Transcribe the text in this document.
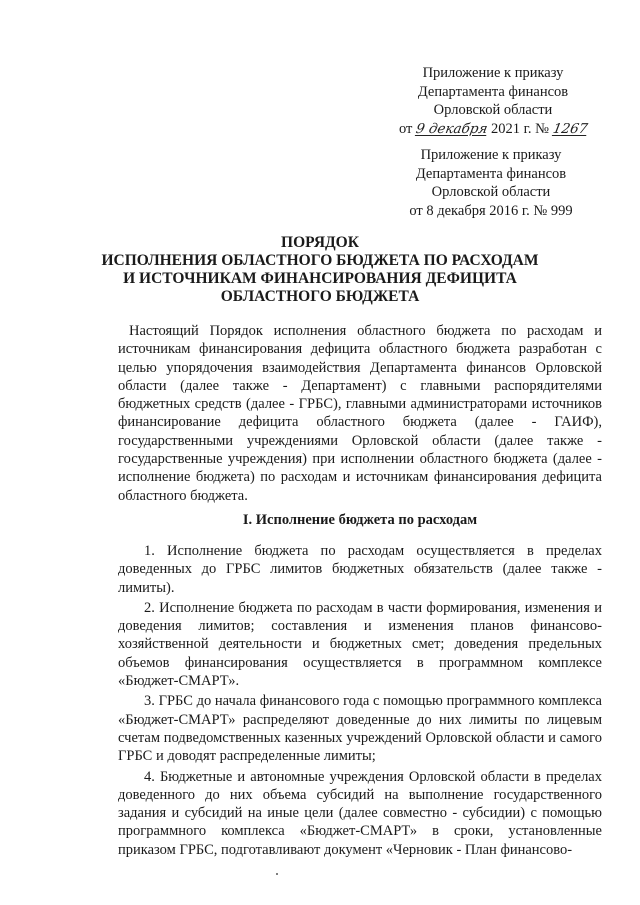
Приложение к приказу
Департамента финансов
Орловской области
от 9 декабря 2021 г. № 1267
Приложение к приказу
Департамента финансов
Орловской области
от 8 декабря 2016 г. № 999
ПОРЯДОК
ИСПОЛНЕНИЯ ОБЛАСТНОГО БЮДЖЕТА ПО РАСХОДАМ
И ИСТОЧНИКАМ ФИНАНСИРОВАНИЯ ДЕФИЦИТА
ОБЛАСТНОГО БЮДЖЕТА

Настоящий Порядок исполнения областного бюджета по расходам и источникам финансирования дефицита областного бюджета разработан с целью упорядочения взаимодействия Департамента финансов Орловской области (далее также - Департамент) с главными распорядителями бюджетных средств (далее - ГРБС), главными администраторами источников финансирование дефицита областного бюджета (далее - ГАИФ), государственными учреждениями Орловской области (далее также - государственные учреждения) при исполнении областного бюджета (далее - исполнение бюджета) по расходам и источникам финансирования дефицита областного бюджета.

I. Исполнение бюджета по расходам

1. Исполнение бюджета по расходам осуществляется в пределах доведенных до ГРБС лимитов бюджетных обязательств (далее также - лимиты).

2. Исполнение бюджета по расходам в части формирования, изменения и доведения лимитов; составления и изменения планов финансово-хозяйственной деятельности и бюджетных смет; доведения предельных объемов финансирования осуществляется в программном комплексе «Бюджет-СМАРТ».

3. ГРБС до начала финансового года с помощью программного комплекса «Бюджет-СМАРТ» распределяют доведенные до них лимиты по лицевым счетам подведомственных казенных учреждений Орловской области и самого ГРБС и доводят распределенные лимиты;

4. Бюджетные и автономные учреждения Орловской области в пределах доведенного до них объема субсидий на выполнение государственного задания и субсидий на иные цели (далее совместно - субсидии) с помощью программного комплекса «Бюджет-СМАРТ» в сроки, установленные приказом ГРБС, подготавливают документ «Черновик - План финансово-
